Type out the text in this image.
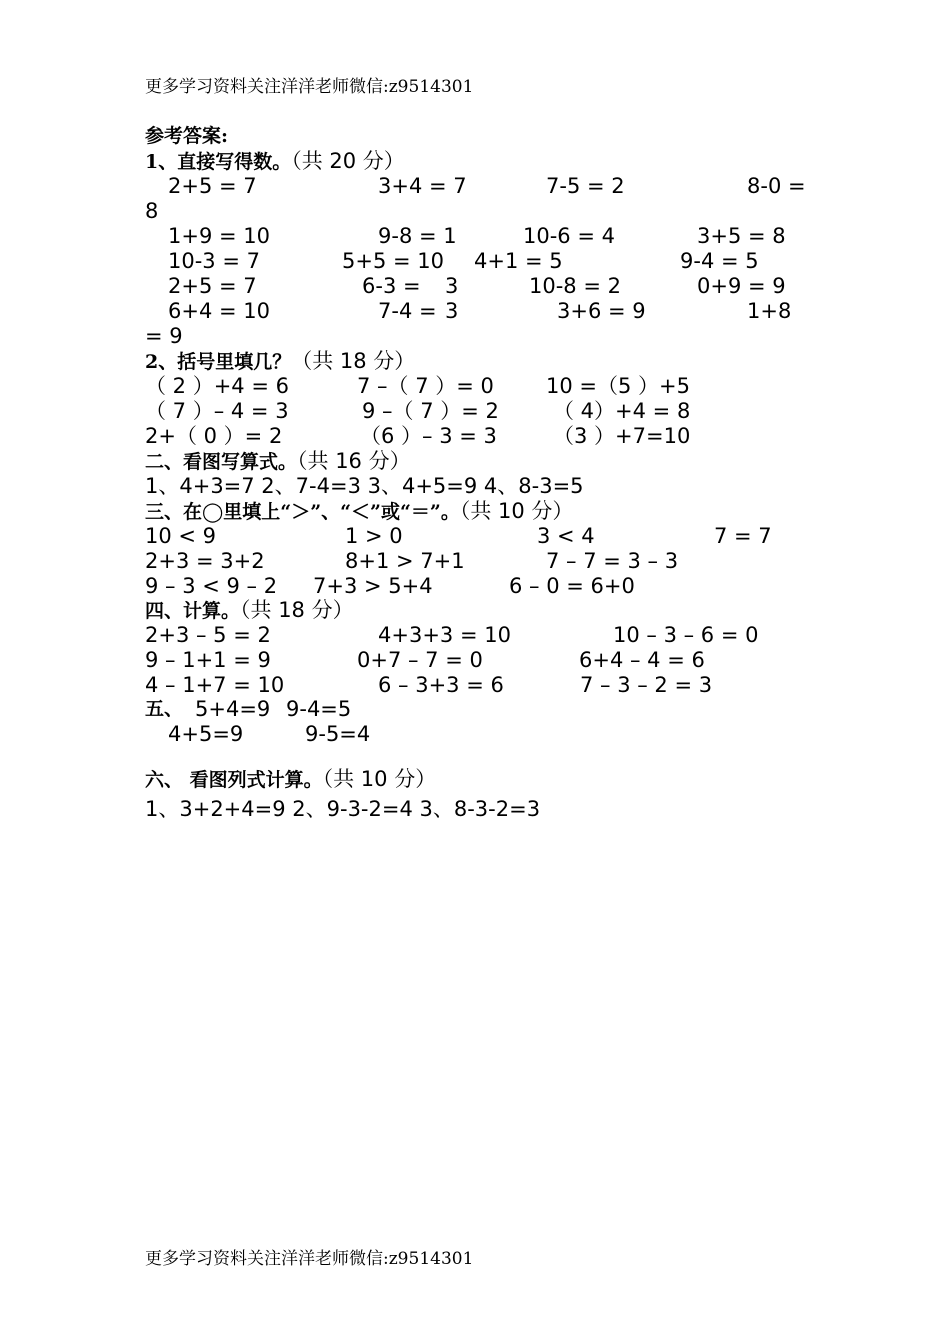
更多学习资料关注洋洋老师微信:z9514301
参考答案:
1、直接写得数。（共 20 分）
2+5 = 7	3+4 = 7	7-5 = 2	8-0 =
8
1+9 = 10	9-8 = 1	10-6 = 4	3+5 = 8
10-3 = 7	5+5 = 10 4+1 = 5	9-4 = 5
2+5 = 7	6-3 = 3	10-8 = 2	0+9 = 9
6+4 = 10	7-4 = 3	3+6 = 9	1+8
= 9
2、括号里填几？（共 18 分）
（ 2 ）+4 = 6	7 –（ 7 ）= 0 10 =（5 ）+5
（ 7 ）– 4 = 3	9 –（ 7 ）= 2	（ 4）+4 = 8
2+（ 0 ）= 2	（6 ）– 3 = 3	（3 ）+7=10
二、看图写算式。（共 16 分）
1、4+3=7 2、7-4=3 3、4+5=9 4、8-3=5
三、在◯里填上“＞”、“＜”或“＝”。（共 10 分）
10 < 9	1 > 0	3 < 4	7 = 7
2+3 = 3+2	8+1 > 7+1	7 – 7 = 3 – 3
9 – 3 < 9 – 2 7+3 > 5+4	6 – 0 = 6+0
四、计算。（共 18 分）
2+3 – 5 = 2	4+3+3 = 10	10 – 3 – 6 = 0
9 – 1+1 = 9	0+7 – 7 = 0	6+4 – 4 = 6
4 – 1+7 = 10	6 – 3+3 = 6	7 – 3 – 2 = 3
五、 5+4=9 9-4=5
4+5=9	9-5=4
六、 看图列式计算。（共 10 分）
1、3+2+4=9 2、9-3-2=4 3、8-3-2=3
更多学习资料关注洋洋老师微信:z9514301
